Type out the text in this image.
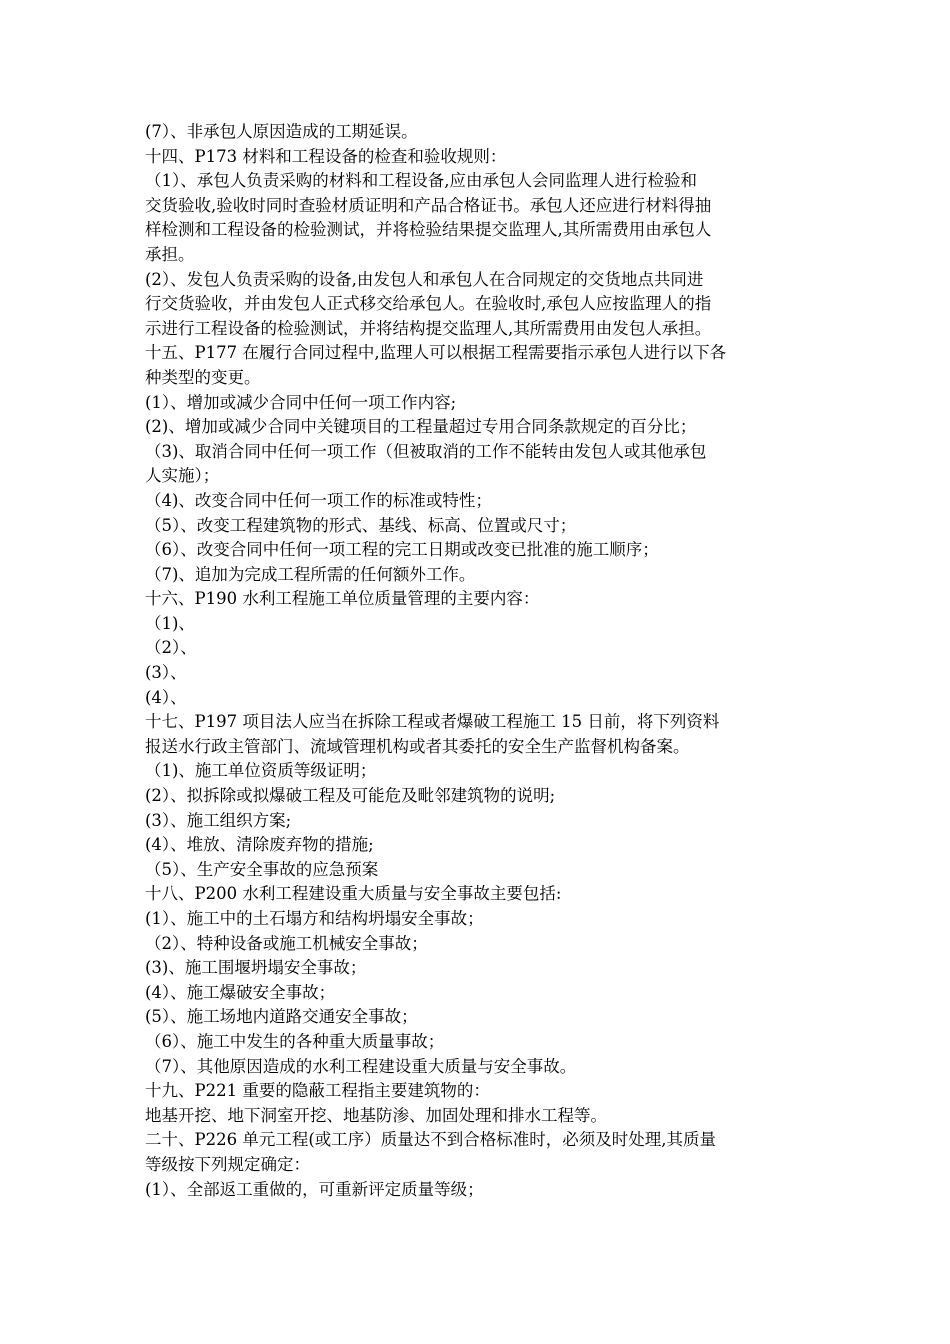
(7）、非承包人原因造成的工期延误。
十四、P173 材料和工程设备的检查和验收规则：
（1）、承包人负责采购的材料和工程设备,应由承包人会同监理人进行检验和
交货验收,验收时同时查验材质证明和产品合格证书。承包人还应进行材料得抽
样检测和工程设备的检验测试，并将检验结果提交监理人,其所需费用由承包人
承担。
(2）、发包人负责采购的设备,由发包人和承包人在合同规定的交货地点共同进
行交货验收，并由发包人正式移交给承包人。在验收时,承包人应按监理人的指
示进行工程设备的检验测试，并将结构提交监理人,其所需费用由发包人承担。
十五、P177 在履行合同过程中,监理人可以根据工程需要指示承包人进行以下各
种类型的变更。
(1）、增加或减少合同中任何一项工作内容;
(2)、增加或减少合同中关键项目的工程量超过专用合同条款规定的百分比；
（3)、取消合同中任何一项工作（但被取消的工作不能转由发包人或其他承包
人实施）；
（4)、改变合同中任何一项工作的标准或特性；
（5）、改变工程建筑物的形式、基线、标高、位置或尺寸；
（6）、改变合同中任何一项工程的完工日期或改变已批准的施工顺序；
（7)、追加为完成工程所需的任何额外工作。
十六、P190 水利工程施工单位质量管理的主要内容：
（1)、
（2）、
(3）、
(4）、
十七、P197 项目法人应当在拆除工程或者爆破工程施工 15 日前，将下列资料
报送水行政主管部门、流域管理机构或者其委托的安全生产监督机构备案。
（1)、施工单位资质等级证明；
(2）、拟拆除或拟爆破工程及可能危及毗邻建筑物的说明;
(3）、施工组织方案;
(4）、堆放、清除废弃物的措施;
（5）、生产安全事故的应急预案
十八、P200 水利工程建设重大质量与安全事故主要包括:
(1）、施工中的土石塌方和结构坍塌安全事故；
（2）、特种设备或施工机械安全事故；
(3)、施工围堰坍塌安全事故；
(4）、施工爆破安全事故；
(5）、施工场地内道路交通安全事故；
（6）、施工中发生的各种重大质量事故；
（7）、其他原因造成的水利工程建设重大质量与安全事故。
十九、P221 重要的隐蔽工程指主要建筑物的：
地基开挖、地下洞室开挖、地基防渗、加固处理和排水工程等。
二十、P226 单元工程(或工序）质量达不到合格标准时，必须及时处理,其质量
等级按下列规定确定：
(1）、全部返工重做的，可重新评定质量等级；
